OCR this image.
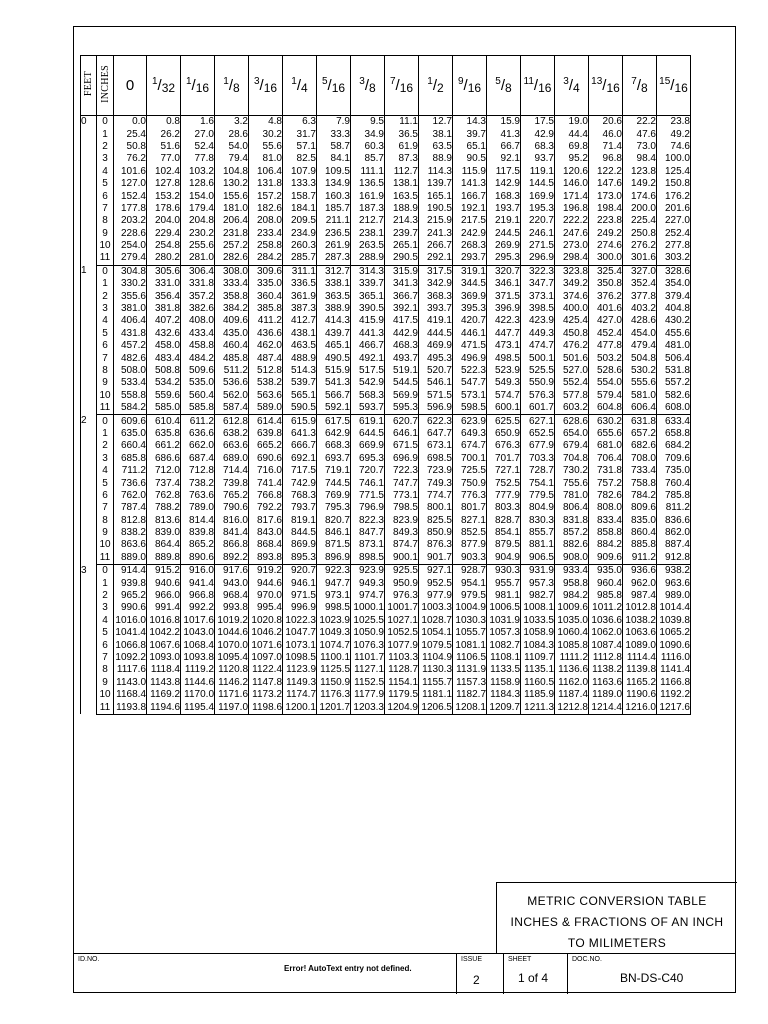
FEET	INCHES	0	$^1/_{32}$	$^1/_{16}$	$^1/_8$	$^3/_{16}$	$^1/_4$	$^5/_{16}$	$^3/_8$	$^7/_{16}$	$^1/_2$	$^9/_{16}$	$^5/_8$	$^{11}/_{16}$	$^3/_4$	$^{13}/_{16}$	$^7/_8$	$^{15}/_{16}$
0	0	0.0	0.8	1.6	3.2	4.8	6.3	7.9	9.5	11.1	12.7	14.3	15.9	17.5	19.0	20.6	22.2	23.8
	1	25.4	26.2	27.0	28.6	30.2	31.7	33.3	34.9	36.5	38.1	39.7	41.3	42.9	44.4	46.0	47.6	49.2
	2	50.8	51.6	52.4	54.0	55.6	57.1	58.7	60.3	61.9	63.5	65.1	66.7	68.3	69.8	71.4	73.0	74.6
	3	76.2	77.0	77.8	79.4	81.0	82.5	84.1	85.7	87.3	88.9	90.5	92.1	93.7	95.2	96.8	98.4	100.0
	4	101.6	102.4	103.2	104.8	106.4	107.9	109.5	111.1	112.7	114.3	115.9	117.5	119.1	120.6	122.2	123.8	125.4
	5	127.0	127.8	128.6	130.2	131.8	133.3	134.9	136.5	138.1	139.7	141.3	142.9	144.5	146.0	147.6	149.2	150.8
	6	152.4	153.2	154.0	155.6	157.2	158.7	160.3	161.9	163.5	165.1	166.7	168.3	169.9	171.4	173.0	174.6	176.2
	7	177.8	178.6	179.4	181.0	182.6	184.1	185.7	187.3	188.9	190.5	192.1	193.7	195.3	196.8	198.4	200.0	201.6
	8	203.2	204.0	204.8	206.4	208.0	209.5	211.1	212.7	214.3	215.9	217.5	219.1	220.7	222.2	223.8	225.4	227.0
	9	228.6	229.4	230.2	231.8	233.4	234.9	236.5	238.1	239.7	241.3	242.9	244.5	246.1	247.6	249.2	250.8	252.4
	10	254.0	254.8	255.6	257.2	258.8	260.3	261.9	263.5	265.1	266.7	268.3	269.9	271.5	273.0	274.6	276.2	277.8
	11	279.4	280.2	281.0	282.6	284.2	285.7	287.3	288.9	290.5	292.1	293.7	295.3	296.9	298.4	300.0	301.6	303.2
1	0	304.8	305.6	306.4	308.0	309.6	311.1	312.7	314.3	315.9	317.5	319.1	320.7	322.3	323.8	325.4	327.0	328.6
	1	330.2	331.0	331.8	333.4	335.0	336.5	338.1	339.7	341.3	342.9	344.5	346.1	347.7	349.2	350.8	352.4	354.0
	2	355.6	356.4	357.2	358.8	360.4	361.9	363.5	365.1	366.7	368.3	369.9	371.5	373.1	374.6	376.2	377.8	379.4
	3	381.0	381.8	382.6	384.2	385.8	387.3	388.9	390.5	392.1	393.7	395.3	396.9	398.5	400.0	401.6	403.2	404.8
	4	406.4	407.2	408.0	409.6	411.2	412.7	414.3	415.9	417.5	419.1	420.7	422.3	423.9	425.4	427.0	428.6	430.2
	5	431.8	432.6	433.4	435.0	436.6	438.1	439.7	441.3	442.9	444.5	446.1	447.7	449.3	450.8	452.4	454.0	455.6
	6	457.2	458.0	458.8	460.4	462.0	463.5	465.1	466.7	468.3	469.9	471.5	473.1	474.7	476.2	477.8	479.4	481.0
	7	482.6	483.4	484.2	485.8	487.4	488.9	490.5	492.1	493.7	495.3	496.9	498.5	500.1	501.6	503.2	504.8	506.4
	8	508.0	508.8	509.6	511.2	512.8	514.3	515.9	517.5	519.1	520.7	522.3	523.9	525.5	527.0	528.6	530.2	531.8
	9	533.4	534.2	535.0	536.6	538.2	539.7	541.3	542.9	544.5	546.1	547.7	549.3	550.9	552.4	554.0	555.6	557.2
	10	558.8	559.6	560.4	562.0	563.6	565.1	566.7	568.3	569.9	571.5	573.1	574.7	576.3	577.8	579.4	581.0	582.6
	11	584.2	585.0	585.8	587.4	589.0	590.5	592.1	593.7	595.3	596.9	598.5	600.1	601.7	603.2	604.8	606.4	608.0
2	0	609.6	610.4	611.2	612.8	614.4	615.9	617.5	619.1	620.7	622.3	623.9	625.5	627.1	628.6	630.2	631.8	633.4
	1	635.0	635.8	636.6	638.2	639.8	641.3	642.9	644.5	646.1	647.7	649.3	650.9	652.5	654.0	655.6	657.2	658.8
	2	660.4	661.2	662.0	663.6	665.2	666.7	668.3	669.9	671.5	673.1	674.7	676.3	677.9	679.4	681.0	682.6	684.2
	3	685.8	686.6	687.4	689.0	690.6	692.1	693.7	695.3	696.9	698.5	700.1	701.7	703.3	704.8	706.4	708.0	709.6
	4	711.2	712.0	712.8	714.4	716.0	717.5	719.1	720.7	722.3	723.9	725.5	727.1	728.7	730.2	731.8	733.4	735.0
	5	736.6	737.4	738.2	739.8	741.4	742.9	744.5	746.1	747.7	749.3	750.9	752.5	754.1	755.6	757.2	758.8	760.4
	6	762.0	762.8	763.6	765.2	766.8	768.3	769.9	771.5	773.1	774.7	776.3	777.9	779.5	781.0	782.6	784.2	785.8
	7	787.4	788.2	789.0	790.6	792.2	793.7	795.3	796.9	798.5	800.1	801.7	803.3	804.9	806.4	808.0	809.6	811.2
	8	812.8	813.6	814.4	816.0	817.6	819.1	820.7	822.3	823.9	825.5	827.1	828.7	830.3	831.8	833.4	835.0	836.6
	9	838.2	839.0	839.8	841.4	843.0	844.5	846.1	847.7	849.3	850.9	852.5	854.1	855.7	857.2	858.8	860.4	862.0
	10	863.6	864.4	865.2	866.8	868.4	869.9	871.5	873.1	874.7	876.3	877.9	879.5	881.1	882.6	884.2	885.8	887.4
	11	889.0	889.8	890.6	892.2	893.8	895.3	896.9	898.5	900.1	901.7	903.3	904.9	906.5	908.0	909.6	911.2	912.8
3	0	914.4	915.2	916.0	917.6	919.2	920.7	922.3	923.9	925.5	927.1	928.7	930.3	931.9	933.4	935.0	936.6	938.2
	1	939.8	940.6	941.4	943.0	944.6	946.1	947.7	949.3	950.9	952.5	954.1	955.7	957.3	958.8	960.4	962.0	963.6
	2	965.2	966.0	966.8	968.4	970.0	971.5	973.1	974.7	976.3	977.9	979.5	981.1	982.7	984.2	985.8	987.4	989.0
	3	990.6	991.4	992.2	993.8	995.4	996.9	998.5	1000.1	1001.7	1003.3	1004.9	1006.5	1008.1	1009.6	1011.2	1012.8	1014.4
	4	1016.0	1016.8	1017.6	1019.2	1020.8	1022.3	1023.9	1025.5	1027.1	1028.7	1030.3	1031.9	1033.5	1035.0	1036.6	1038.2	1039.8
	5	1041.4	1042.2	1043.0	1044.6	1046.2	1047.7	1049.3	1050.9	1052.5	1054.1	1055.7	1057.3	1058.9	1060.4	1062.0	1063.6	1065.2
	6	1066.8	1067.6	1068.4	1070.0	1071.6	1073.1	1074.7	1076.3	1077.9	1079.5	1081.1	1082.7	1084.3	1085.8	1087.4	1089.0	1090.6
	7	1092.2	1093.0	1093.8	1095.4	1097.0	1098.5	1100.1	1101.7	1103.3	1104.9	1106.5	1108.1	1109.7	1111.2	1112.8	1114.4	1116.0
	8	1117.6	1118.4	1119.2	1120.8	1122.4	1123.9	1125.5	1127.1	1128.7	1130.3	1131.9	1133.5	1135.1	1136.6	1138.2	1139.8	1141.4
	9	1143.0	1143.8	1144.6	1146.2	1147.8	1149.3	1150.9	1152.5	1154.1	1155.7	1157.3	1158.9	1160.5	1162.0	1163.6	1165.2	1166.8
	10	1168.4	1169.2	1170.0	1171.6	1173.2	1174.7	1176.3	1177.9	1179.5	1181.1	1182.7	1184.3	1185.9	1187.4	1189.0	1190.6	1192.2
	11	1193.8	1194.6	1195.4	1197.0	1198.6	1200.1	1201.7	1203.3	1204.9	1206.5	1208.1	1209.7	1211.3	1212.8	1214.4	1216.0	1217.6
METRIC CONVERSION TABLE
INCHES & FRACTIONS OF AN INCH
TO MILIMETERS
ID.NO.
Error! AutoText entry not defined.
ISSUE
2
SHEET
1 of 4
DOC.NO.
BN-DS-C40
